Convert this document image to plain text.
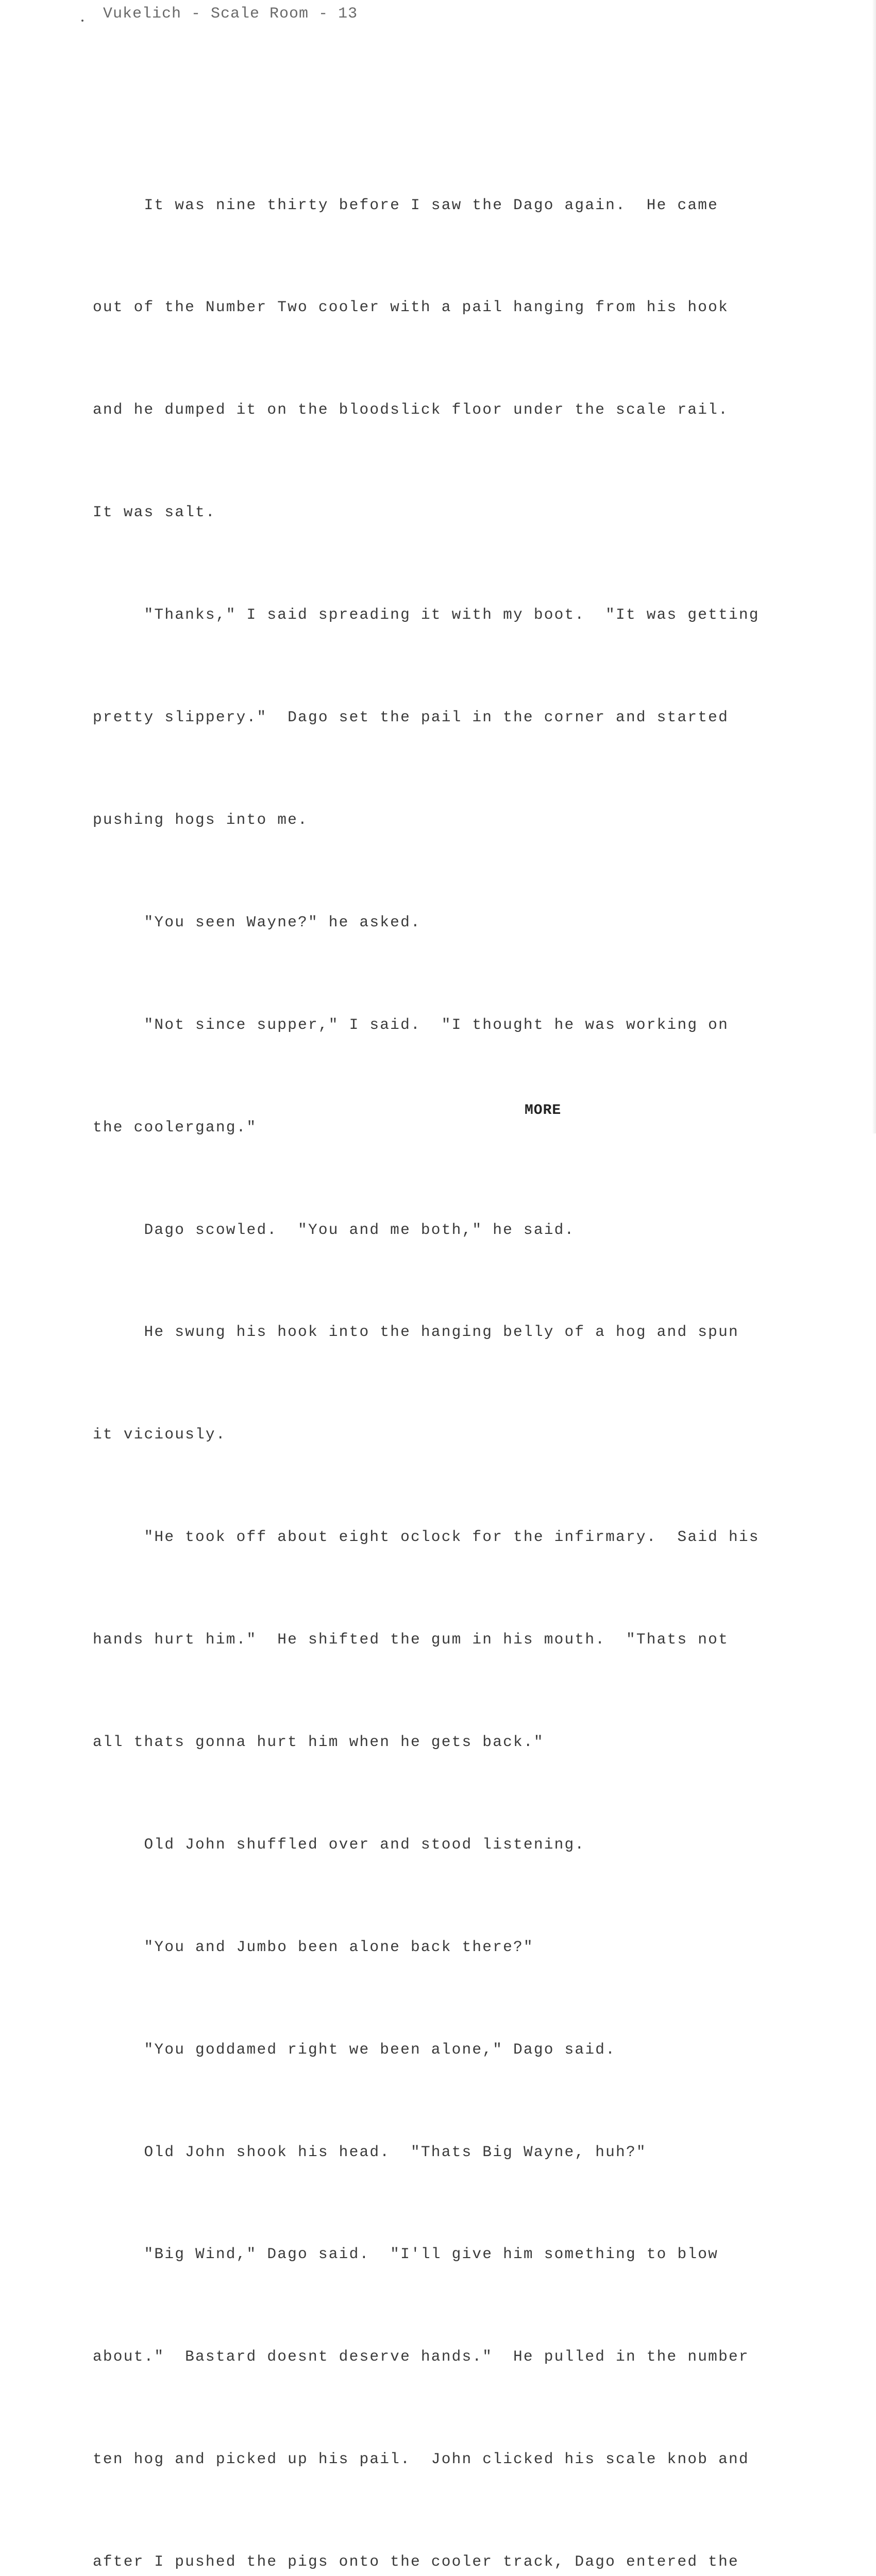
Vukelich - Scale Room - 13

It was nine thirty before I saw the Dago again.  He came

out of the Number Two cooler with a pail hanging from his hook

and he dumped it on the bloodslick floor under the scale rail.

It was salt.

"Thanks," I said spreading it with my boot.  "It was getting

pretty slippery."  Dago set the pail in the corner and started

pushing hogs into me.

"You seen Wayne?" he asked.

"Not since supper," I said.  "I thought he was working on

the coolergang."

Dago scowled.  "You and me both," he said.

He swung his hook into the hanging belly of a hog and spun

it viciously.

"He took off about eight oclock for the infirmary.  Said his

hands hurt him."  He shifted the gum in his mouth.  "Thats not

all thats gonna hurt him when he gets back."

Old John shuffled over and stood listening.

"You and Jumbo been alone back there?"

"You goddamed right we been alone," Dago said.

Old John shook his head.  "Thats Big Wayne, huh?"

"Big Wind," Dago said.  "I'll give him something to blow

about."  Bastard doesnt deserve hands."  He pulled in the number

ten hog and picked up his pail.  John clicked his scale knob and

after I pushed the pigs onto the cooler track, Dago entered the

MORE
